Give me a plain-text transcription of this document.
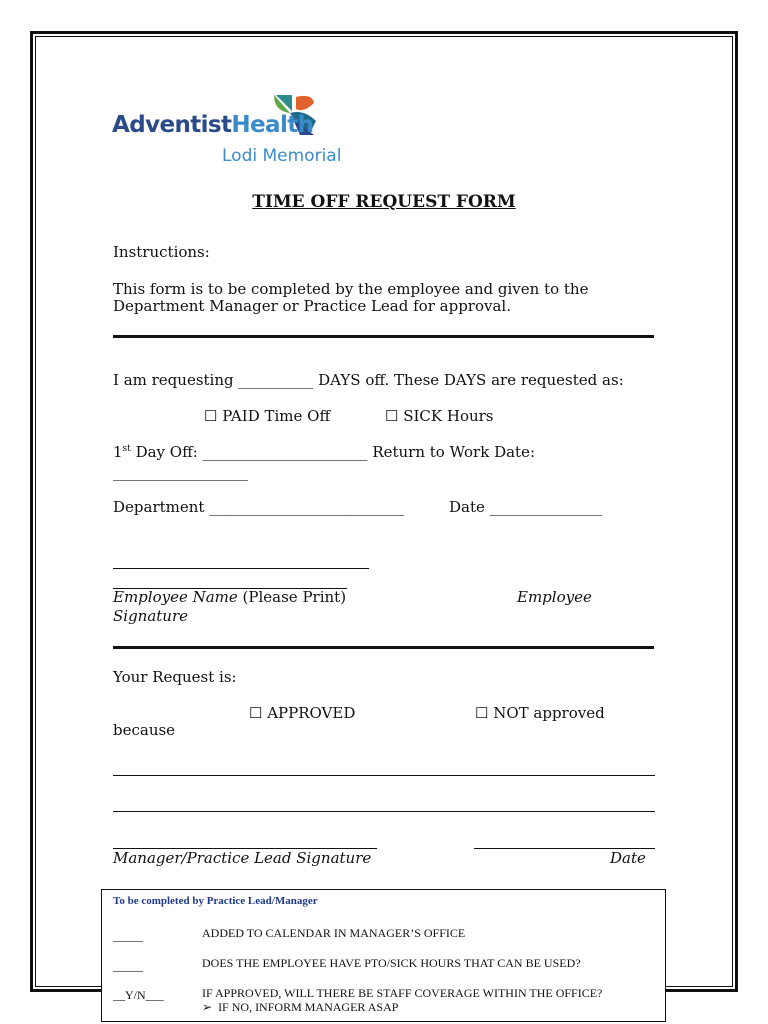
AdventistHealth
Lodi Memorial
TIME OFF REQUEST FORM
Instructions:
This form is to be completed by the employee and given to the
Department Manager or Practice Lead for approval.
I am requesting __________ DAYS off. These DAYS are requested as:
☐ PAID Time Off	☐ SICK Hours
1st Day Off: ______________________ Return to Work Date:
__________________
Department __________________________	Date _______________
Employee Name (Please Print)	Employee
Signature
Your Request is:
☐ APPROVED	☐ NOT approved
because
Manager/Practice Lead Signature	Date
To be completed by Practice Lead/Manager
_____	ADDED TO CALENDAR IN MANAGER’S OFFICE
_____	DOES THE EMPLOYEE HAVE PTO/SICK HOURS THAT CAN BE USED?
__Y/N___	IF APPROVED, WILL THERE BE STAFF COVERAGE WITHIN THE OFFICE?
➢ IF NO, INFORM MANAGER ASAP
